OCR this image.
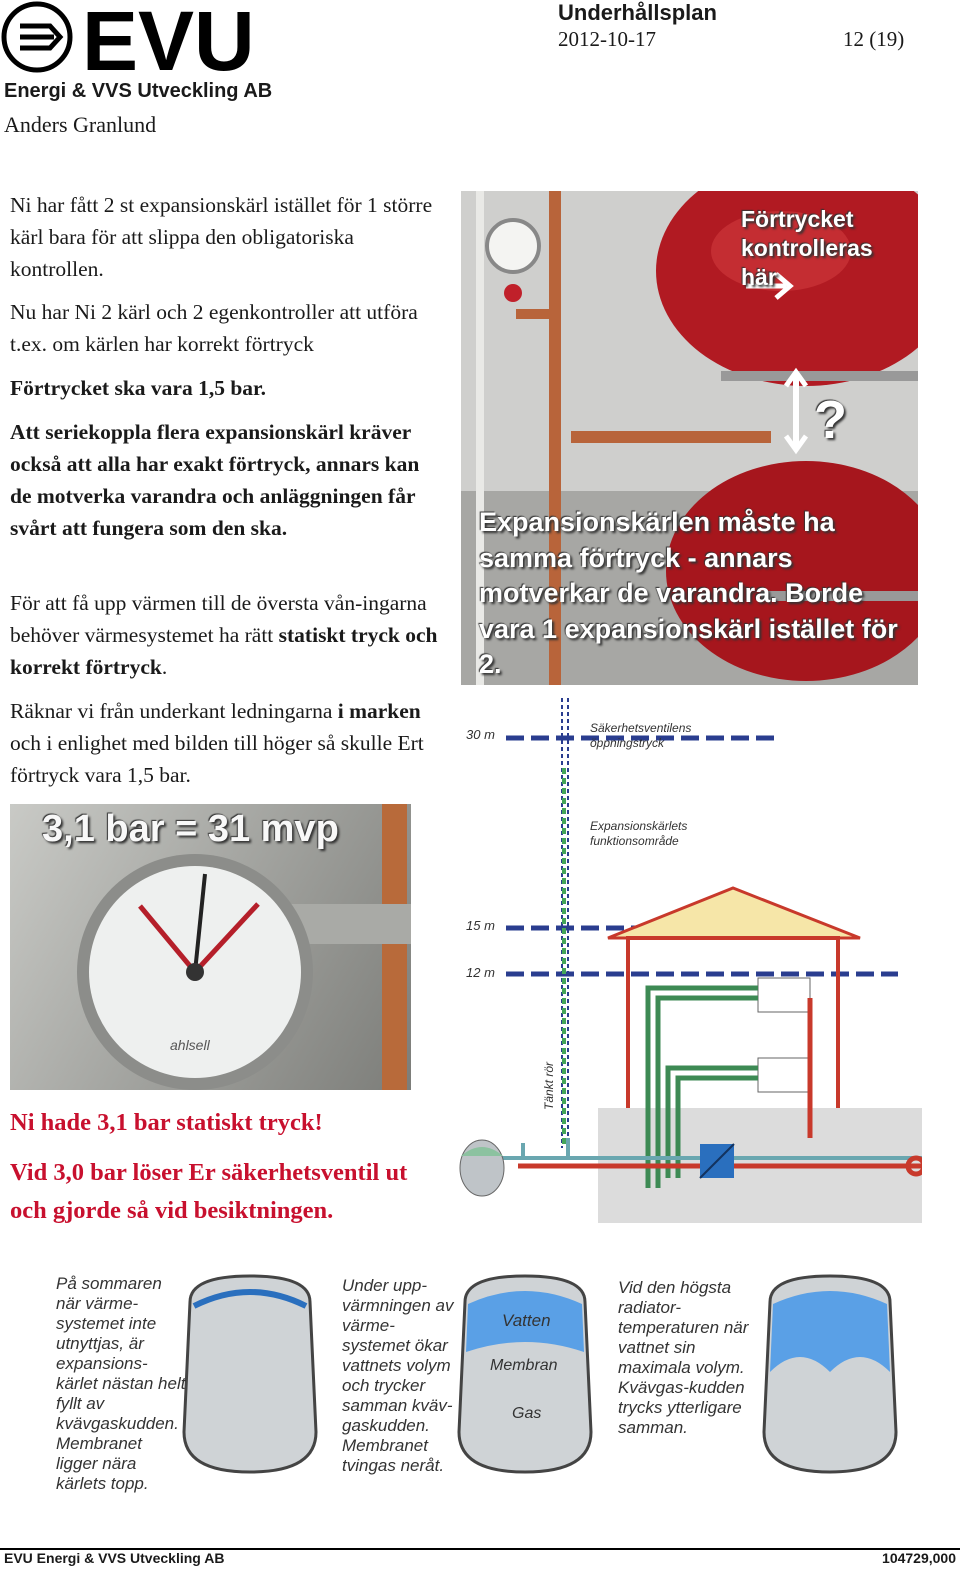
EVU
Energi & VVS Utveckling AB
Anders Granlund
Underhållsplan
2012-10-17	12 (19)
Ni har fått 2 st expansionskärl istället för 1 större kärl bara för att slippa den obligatoriska kontrollen.
Nu har Ni 2 kärl och 2 egenkontroller att utföra t.ex. om kärlen har korrekt förtryck
Förtrycket ska vara 1,5 bar.
Att seriekoppla flera expansionskärl kräver också att alla har exakt förtryck, annars kan de motverka varandra och anläggningen får svårt att fungera som den ska.
För att få upp värmen till de översta vån-ingarna behöver värmesystemet ha rätt statiskt tryck och korrekt förtryck.
Räknar vi från underkant ledningarna i marken och i enlighet med bilden till höger så skulle Ert förtryck vara 1,5 bar.
Förtrycket kontrolleras här
?
Expansionskärlen måste ha samma förtryck - annars motverkar de varandra. Borde vara 1 expansionskärl istället för 2.
30 m
15 m
12 m
Tänkt rör
Säkerhetsventilens
öppningstryck
Expansionskärlets
funktionsområde
ahlsell
3,1 bar = 31 mvp
Ni hade 3,1 bar statiskt tryck!
Vid 3,0 bar löser Er säkerhetsventil ut och gjorde så vid besiktningen.
Vatten
Membran
Gas
På sommaren när värme-systemet inte utnyttjas, är expansions-kärlet nästan helt fyllt av kvävgaskudden. Membranet ligger nära kärlets topp.
Under upp-värmningen av värme-systemet ökar vattnets volym och trycker samman kväv-gaskudden. Membranet tvingas neråt.
Vid den högsta radiator-temperaturen när vattnet sin maximala volym. Kvävgas-kudden trycks ytterligare samman.
EVU Energi & VVS Utveckling AB	104729,000
